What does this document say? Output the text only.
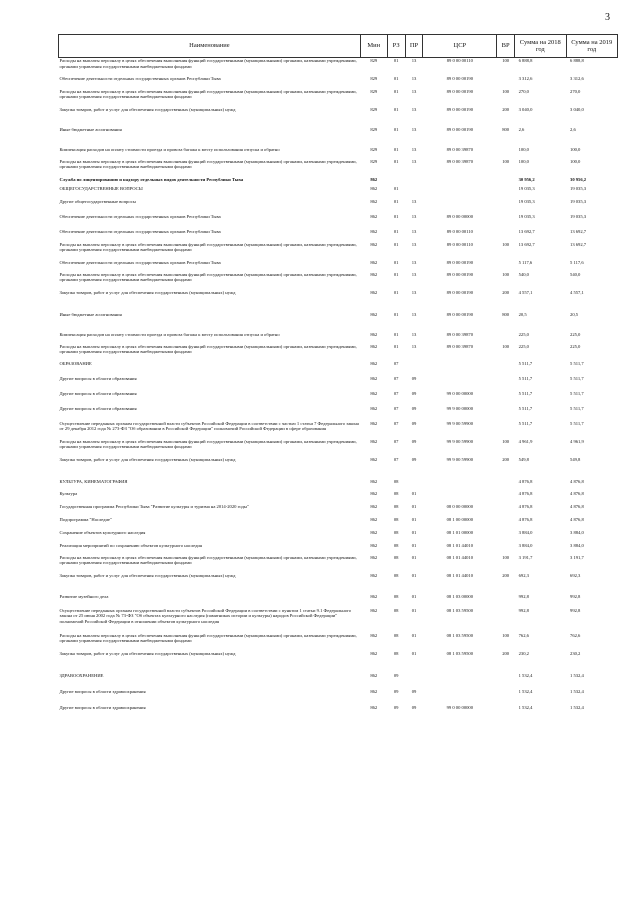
3
Наименование	Мин	РЗ	ПР	ЦСР	ВР	Сумма на 2018 год	Сумма на 2019 год
Расходы на выплаты персоналу в целях обеспечения выполнения функций государственными (муниципальными) органами, казенными учреждениями, органами управления государственными внебюджетными фондами	829	01	13	89 0 00 00110	100	6 888,8	6 888,8
Обеспечение деятельности отдельных государственных органов Республики Тыва	829	01	13	89 0 00 00190		3 312,6	3 312,6
Расходы на выплаты персоналу в целях обеспечения выполнения функций государственными (муниципальными) органами, казенными учреждениями, органами управления государственными внебюджетными фондами	829	01	13	89 0 00 00190	100	270,0	270,0
Закупка товаров, работ и услуг для обеспечения государственных (муниципальных) нужд	829	01	13	89 0 00 00190	200	3 040,0	3 040,0
Иные бюджетные ассигнования	829	01	13	89 0 00 00190	800	2,6	2,6
Компенсация расходов на оплату стоимости проезда и провоза багажа к месту использования отпуска и обратно	829	01	13	89 0 00 39870		100,0	100,0
Расходы на выплаты персоналу в целях обеспечения выполнения функций государственными (муниципальными) органами, казенными учреждениями, органами управления государственными внебюджетными фондами	829	01	13	89 0 00 39870	100	100,0	100,0
Служба по лицензированию и надзору отдельных видов деятельности Республики Тыва	862					30 956,2	30 956,2
ОБЩЕГОСУДАРСТВЕННЫЕ ВОПРОСЫ	862	01				19 035,3	19 035,3
Другие общегосударственные вопросы	862	01	13			19 035,3	19 035,3
Обеспечение деятельности отдельных государственных органов Республики Тыва	862	01	13	89 0 00 00000		19 035,3	19 035,3
Обеспечение деятельности отдельных государственных органов Республики Тыва	862	01	13	89 0 00 00110		13 692,7	13 692,7
Расходы на выплаты персоналу в целях обеспечения выполнения функций государственными (муниципальными) органами, казенными учреждениями, органами управления государственными внебюджетными фондами	862	01	13	89 0 00 00110	100	13 692,7	13 692,7
Обеспечение деятельности отдельных государственных органов Республики Тыва	862	01	13	89 0 00 00190		5 117,6	5 117,6
Расходы на выплаты персоналу в целях обеспечения выполнения функций государственными (муниципальными) органами, казенными учреждениями, органами управления государственными внебюджетными фондами	862	01	13	89 0 00 00190	100	540,0	540,0
Закупка товаров, работ и услуг для обеспечения государственных (муниципальных) нужд	862	01	13	89 0 00 00190	200	4 557,1	4 557,1
Иные бюджетные ассигнования	862	01	13	89 0 00 00190	800	20,5	20,5
Компенсация расходов на оплату стоимости проезда и провоза багажа к месту использования отпуска и обратно	862	01	13	89 0 00 39870		225,0	225,0
Расходы на выплаты персоналу в целях обеспечения выполнения функций государственными (муниципальными) органами, казенными учреждениями, органами управления государственными внебюджетными фондами	862	01	13	89 0 00 39870	100	225,0	225,0
ОБРАЗОВАНИЕ	862	07				5 511,7	5 511,7
Другие вопросы в области образования	862	07	09			5 511,7	5 511,7
Другие вопросы в области образования	862	07	09	99 0 00 00000		5 511,7	5 511,7
Другие вопросы в области образования	862	07	09	99 9 00 00000		5 511,7	5 511,7
Осуществление переданных органам государственной власти субъектов Российской Федерации в соответствии с частью 1 статьи 7 Федерального закона от 29 декабря 2012 года № 273-ФЗ "Об образовании в Российской Федерации" полномочий Российской Федерации в сфере образования	862	07	09	99 9 00 59900		5 511,7	5 511,7
Расходы на выплаты персоналу в целях обеспечения выполнения функций государственными (муниципальными) органами, казенными учреждениями, органами управления государственными внебюджетными фондами	862	07	09	99 9 00 59900	100	4 961,9	4 961,9
Закупка товаров, работ и услуг для обеспечения государственных (муниципальных) нужд	862	07	09	99 9 00 59900	200	549,8	549,8
КУЛЬТУРА, КИНЕМАТОГРАФИЯ	862	08				4 876,8	4 876,8
Культура	862	08	01			4 876,8	4 876,8
Государственная программа Республики Тыва "Развитие культуры и туризма на 2014-2020 годы"	862	08	01	08 0 00 00000		4 876,8	4 876,8
Подпрограмма "Наследие"	862	08	01	08 1 00 00000		4 876,8	4 876,8
Сохранение объектов культурного наследия	862	08	01	08 1 01 00000		3 884,0	3 884,0
Реализация мероприятий по сохранению объектов культурного наследия	862	08	01	08 1 01 44010		3 884,0	3 884,0
Расходы на выплаты персоналу в целях обеспечения выполнения функций государственными (муниципальными) органами, казенными учреждениями, органами управления государственными внебюджетными фондами	862	08	01	08 1 01 44010	100	3 191,7	3 191,7
Закупка товаров, работ и услуг для обеспечения государственных (муниципальных) нужд	862	08	01	08 1 01 44010	200	692,3	692,3
Развитие музейного дела	862	08	01	08 1 03 00000		992,8	992,8
Осуществление переданных органам государственной власти субъектов Российской Федерации в соответствии с пунктом 1 статьи 9.1 Федерального закона от 25 июня 2002 года № 73-ФЗ "Об объектах культурного наследия (памятниках истории и культуры) народов Российской Федерации" полномочий Российской Федерации в отношении объектов культурного наследия	862	08	01	08 1 03 59500		992,8	992,8
Расходы на выплаты персоналу в целях обеспечения выполнения функций государственными (муниципальными) органами, казенными учреждениями, органами управления государственными внебюджетными фондами	862	08	01	08 1 03 59500	100	762,6	762,6
Закупка товаров, работ и услуг для обеспечения государственных (муниципальных) нужд	862	08	01	08 1 03 59500	200	230,2	230,2
ЗДРАВООХРАНЕНИЕ	862	09				1 532,4	1 532,4
Другие вопросы в области здравоохранения	862	09	09			1 532,4	1 532,4
Другие вопросы в области здравоохранения	862	09	09	99 0 00 00000		1 532,4	1 532,4
